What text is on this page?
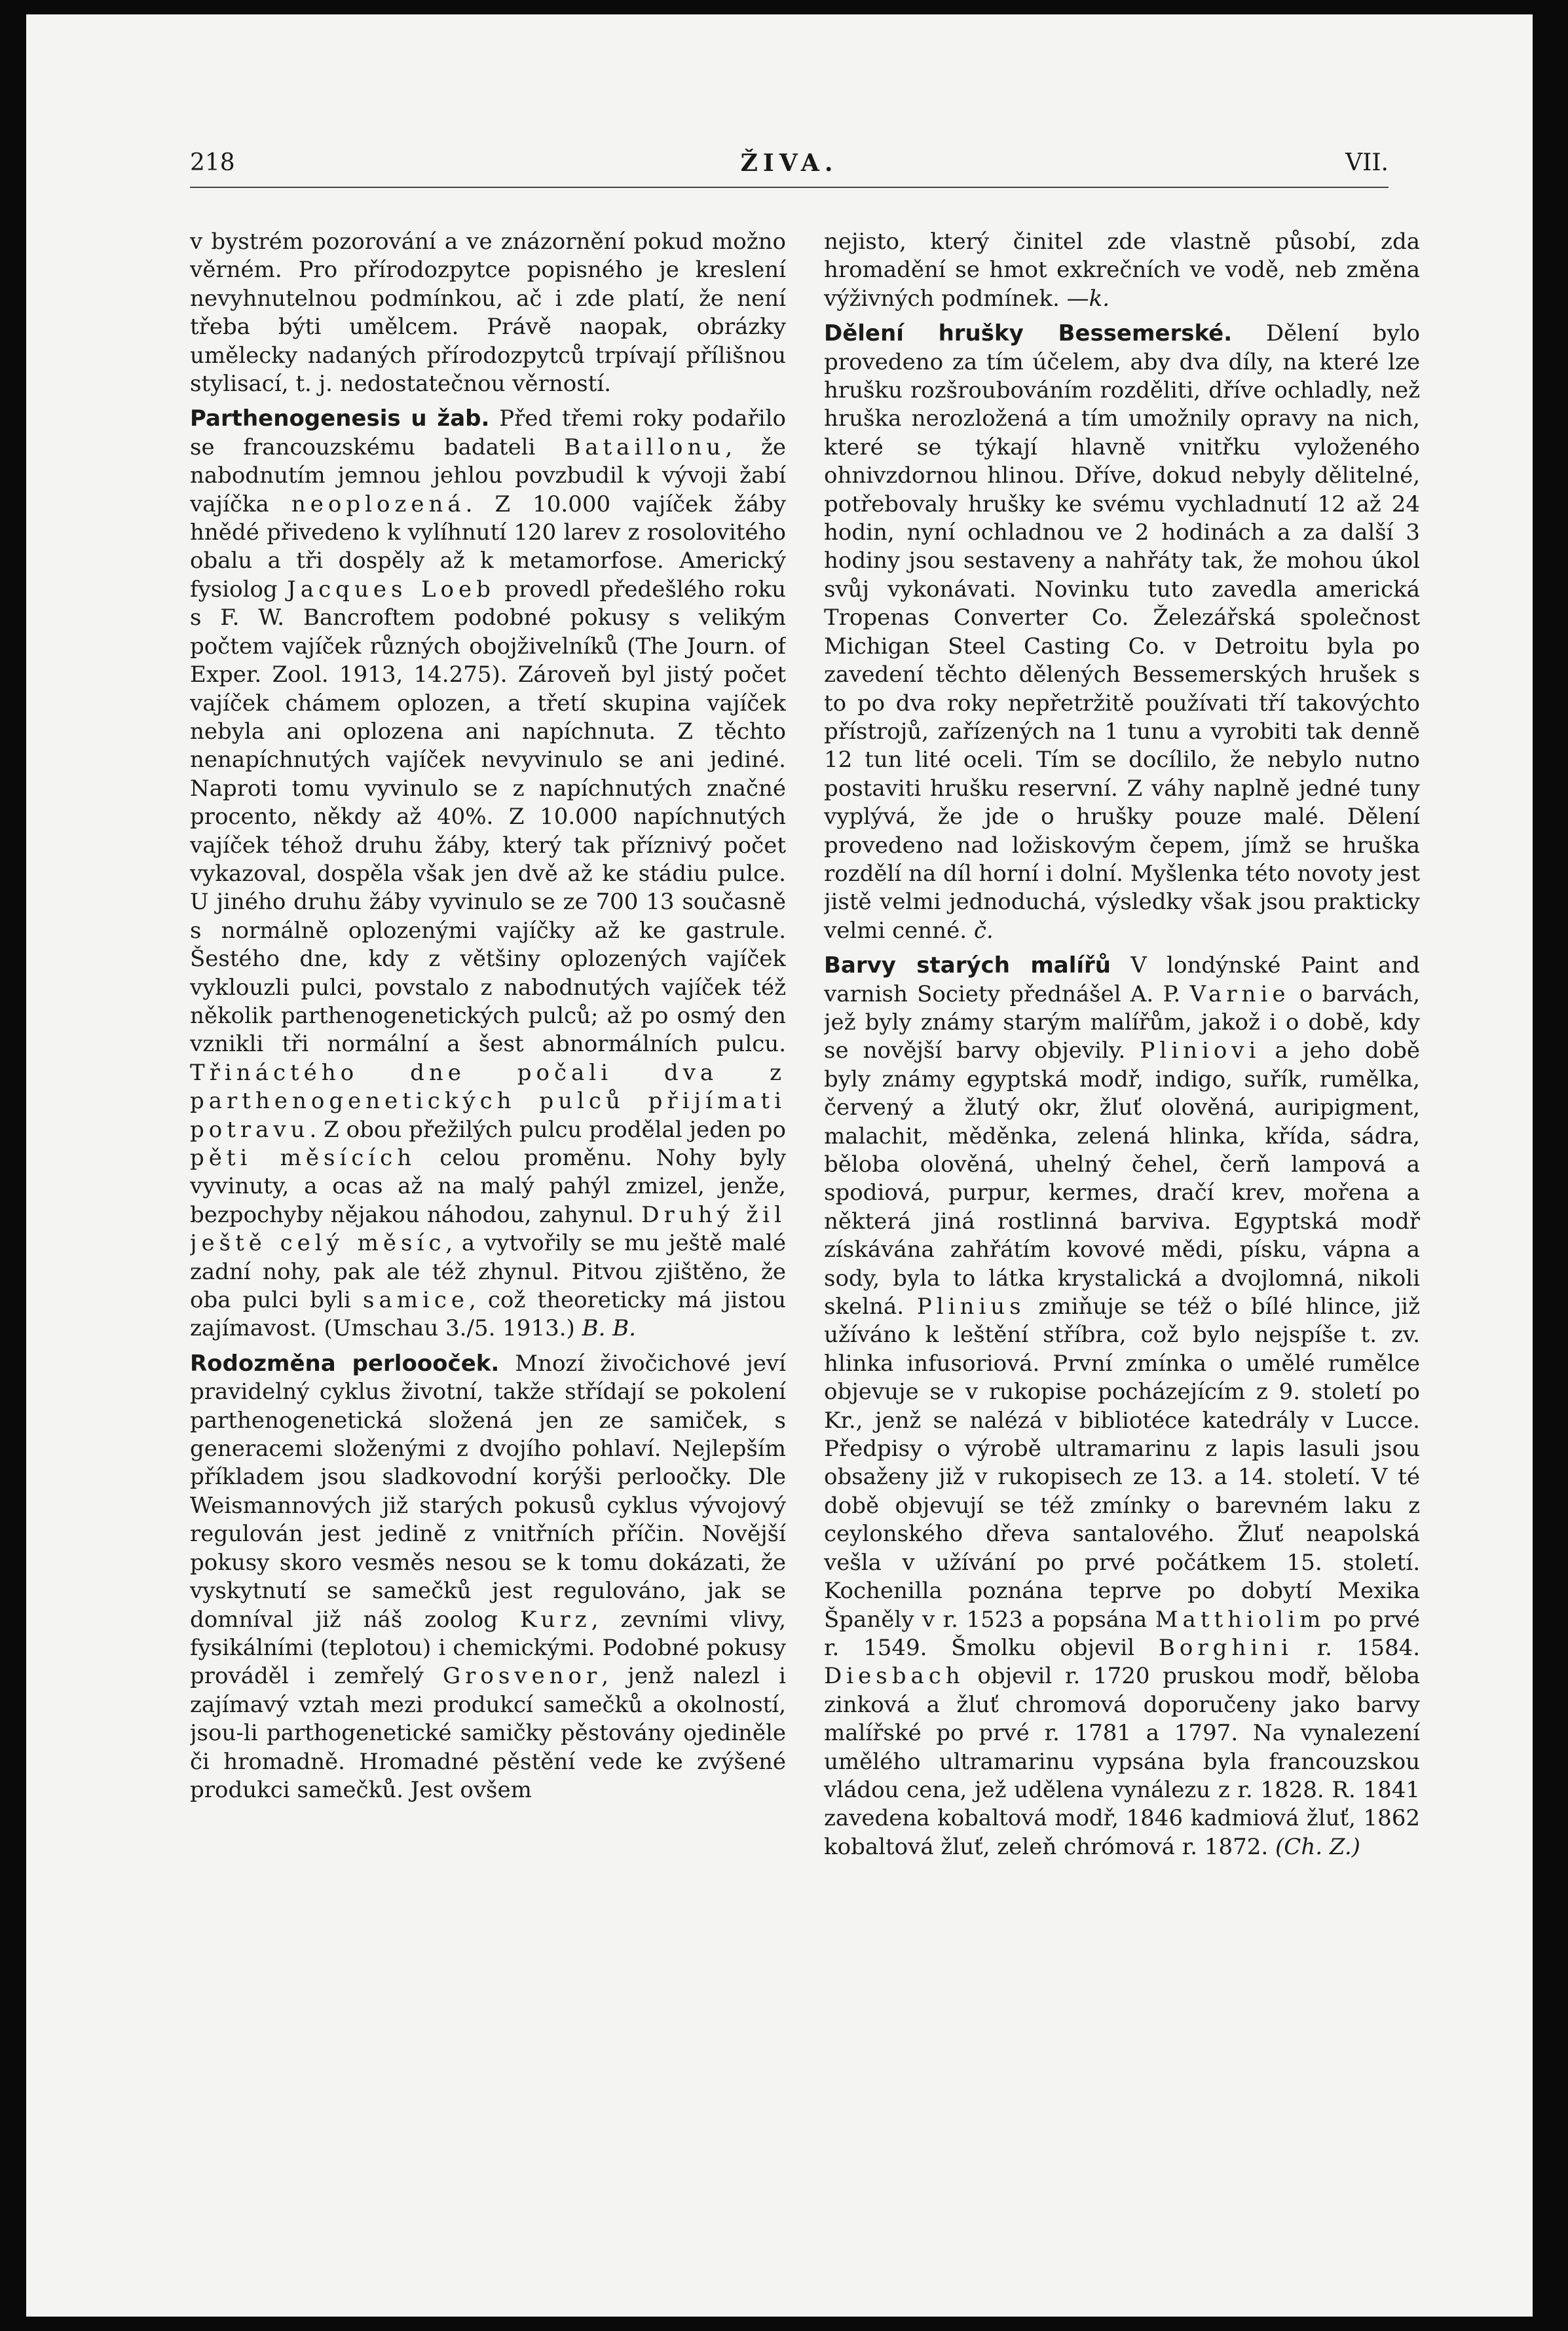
218	ŽIVA.	VII.

v bystrém pozorování a ve znázornění pokud možno věrném. Pro přírodozpytce popisného je kreslení nevyhnutelnou podmínkou, ač i zde platí, že není třeba býti umělcem. Právě naopak, obrázky umělecky nadaných přírodozpytců trpívají přílišnou stylisací, t. j. nedostatečnou věrností.

Parthenogenesis u žab. Před třemi roky podařilo se francouzskému badateli Bataillonu, že nabodnutím jemnou jehlou povzbudil k vývoji žabí vajíčka neoplozená. Z 10.000 vajíček žáby hnědé přivedeno k vylíhnutí 120 larev z rosolovitého obalu a tři dospěly až k metamorfose. Americký fysiolog Jacques Loeb provedl předešlého roku s F. W. Bancroftem podobné pokusy s velikým počtem vajíček různých obojživelníků (The Journ. of Exper. Zool. 1913, 14.275). Zároveň byl jistý počet vajíček chámem oplozen, a třetí skupina vajíček nebyla ani oplozena ani napíchnuta. Z těchto nenapíchnutých vajíček nevyvinulo se ani jediné. Naproti tomu vyvinulo se z napíchnutých značné procento, někdy až 40%. Z 10.000 napíchnutých vajíček téhož druhu žáby, který tak příznivý počet vykazoval, dospěla však jen dvě až ke stádiu pulce. U jiného druhu žáby vyvinulo se ze 700 13 současně s normálně oplozenými vajíčky až ke gastrule. Šestého dne, kdy z většiny oplozených vajíček vyklouzli pulci, povstalo z nabodnutých vajíček též několik parthenogenetických pulců; až po osmý den vznikli tři normální a šest abnormálních pulcu. Třináctého dne počali dva z parthenogenetických pulců přijímati potravu. Z obou přežilých pulcu prodělal jeden po pěti měsících celou proměnu. Nohy byly vyvinuty, a ocas až na malý pahýl zmizel, jenže, bezpochyby nějakou náhodou, zahynul. Druhý žil ještě celý měsíc, a vytvořily se mu ještě malé zadní nohy, pak ale též zhynul. Pitvou zjištěno, že oba pulci byli samice, což theoreticky má jistou zajímavost. (Umschau 3./5. 1913.) B. B.

Rodozměna perloooček. Mnozí živočichové jeví pravidelný cyklus životní, takže střídají se pokolení parthenogenetická složená jen ze samiček, s generacemi složenými z dvojího pohlaví. Nejlepším příkladem jsou sladkovodní korýši perloočky. Dle Weismannových již starých pokusů cyklus vývojový regulován jest jedině z vnitřních příčin. Novější pokusy skoro vesměs nesou se k tomu dokázati, že vyskytnutí se samečků jest regulováno, jak se domníval již náš zoolog Kurz, zevními vlivy, fysikálními (teplotou) i chemickými. Podobné pokusy prováděl i zemřelý Grosvenor, jenž nalezl i zajímavý vztah mezi produkcí samečků a okolností, jsou-li parthogenetické samičky pěstovány ojediněle či hromadně. Hromadné pěstění vede ke zvýšené produkci samečků. Jest ovšem

nejisto, který činitel zde vlastně působí, zda hromadění se hmot exkrečních ve vodě, neb změna výživných podmínek. —k.

Dělení hrušky Bessemerské. Dělení bylo provedeno za tím účelem, aby dva díly, na které lze hrušku rozšroubováním rozděliti, dříve ochladly, než hruška nerozložená a tím umožnily opravy na nich, které se týkají hlavně vnitřku vyloženého ohnivzdornou hlinou. Dříve, dokud nebyly dělitelné, potřebovaly hrušky ke svému vychladnutí 12 až 24 hodin, nyní ochladnou ve 2 hodinách a za další 3 hodiny jsou sestaveny a nahřáty tak, že mohou úkol svůj vykonávati. Novinku tuto zavedla americká Tropenas Converter Co. Železářská společnost Michigan Steel Casting Co. v Detroitu byla po zavedení těchto dělených Bessemerských hrušek s to po dva roky nepřetržitě používati tří takovýchto přístrojů, zařízených na 1 tunu a vyrobiti tak denně 12 tun lité oceli. Tím se docílilo, že nebylo nutno postaviti hrušku reservní. Z váhy naplně jedné tuny vyplývá, že jde o hrušky pouze malé. Dělení provedeno nad ložiskovým čepem, jímž se hruška rozdělí na díl horní i dolní. Myšlenka této novoty jest jistě velmi jednoduchá, výsledky však jsou prakticky velmi cenné. č.

Barvy starých malířů V londýnské Paint and varnish Society přednášel A. P. Varnie o barvách, jež byly známy starým malířům, jakož i o době, kdy se novější barvy objevily. Pliniovi a jeho době byly známy egyptská modř, indigo, suřík, rumělka, červený a žlutý okr, žluť olověná, auripigment, malachit, měděnka, zelená hlinka, křída, sádra, běloba olověná, uhelný čehel, čerň lampová a spodiová, purpur, kermes, dračí krev, mořena a některá jiná rostlinná barviva. Egyptská modř získávána zahřátím kovové mědi, písku, vápna a sody, byla to látka krystalická a dvojlomná, nikoli skelná. Plinius zmiňuje se též o bílé hlince, již užíváno k leštění stříbra, což bylo nejspíše t. zv. hlinka infusoriová. První zmínka o umělé rumělce objevuje se v rukopise pocházejícím z 9. století po Kr., jenž se nalézá v bibliotéce katedrály v Lucce. Předpisy o výrobě ultramarinu z lapis lasuli jsou obsaženy již v rukopisech ze 13. a 14. století. V té době objevují se též zmínky o barevném laku z ceylonského dřeva santalového. Žluť neapolská vešla v užívání po prvé počátkem 15. století. Kochenilla poznána teprve po dobytí Mexika Španěly v r. 1523 a popsána Matthiolim po prvé r. 1549. Šmolku objevil Borghini r. 1584. Diesbach objevil r. 1720 pruskou modř, běloba zinková a žluť chromová doporučeny jako barvy malířské po prvé r. 1781 a 1797. Na vynalezení umělého ultramarinu vypsána byla francouzskou vládou cena, jež udělena vynálezu z r. 1828. R. 1841 zavedena kobaltová modř, 1846 kadmiová žluť, 1862 kobaltová žluť, zeleň chrómová r. 1872. (Ch. Z.)
